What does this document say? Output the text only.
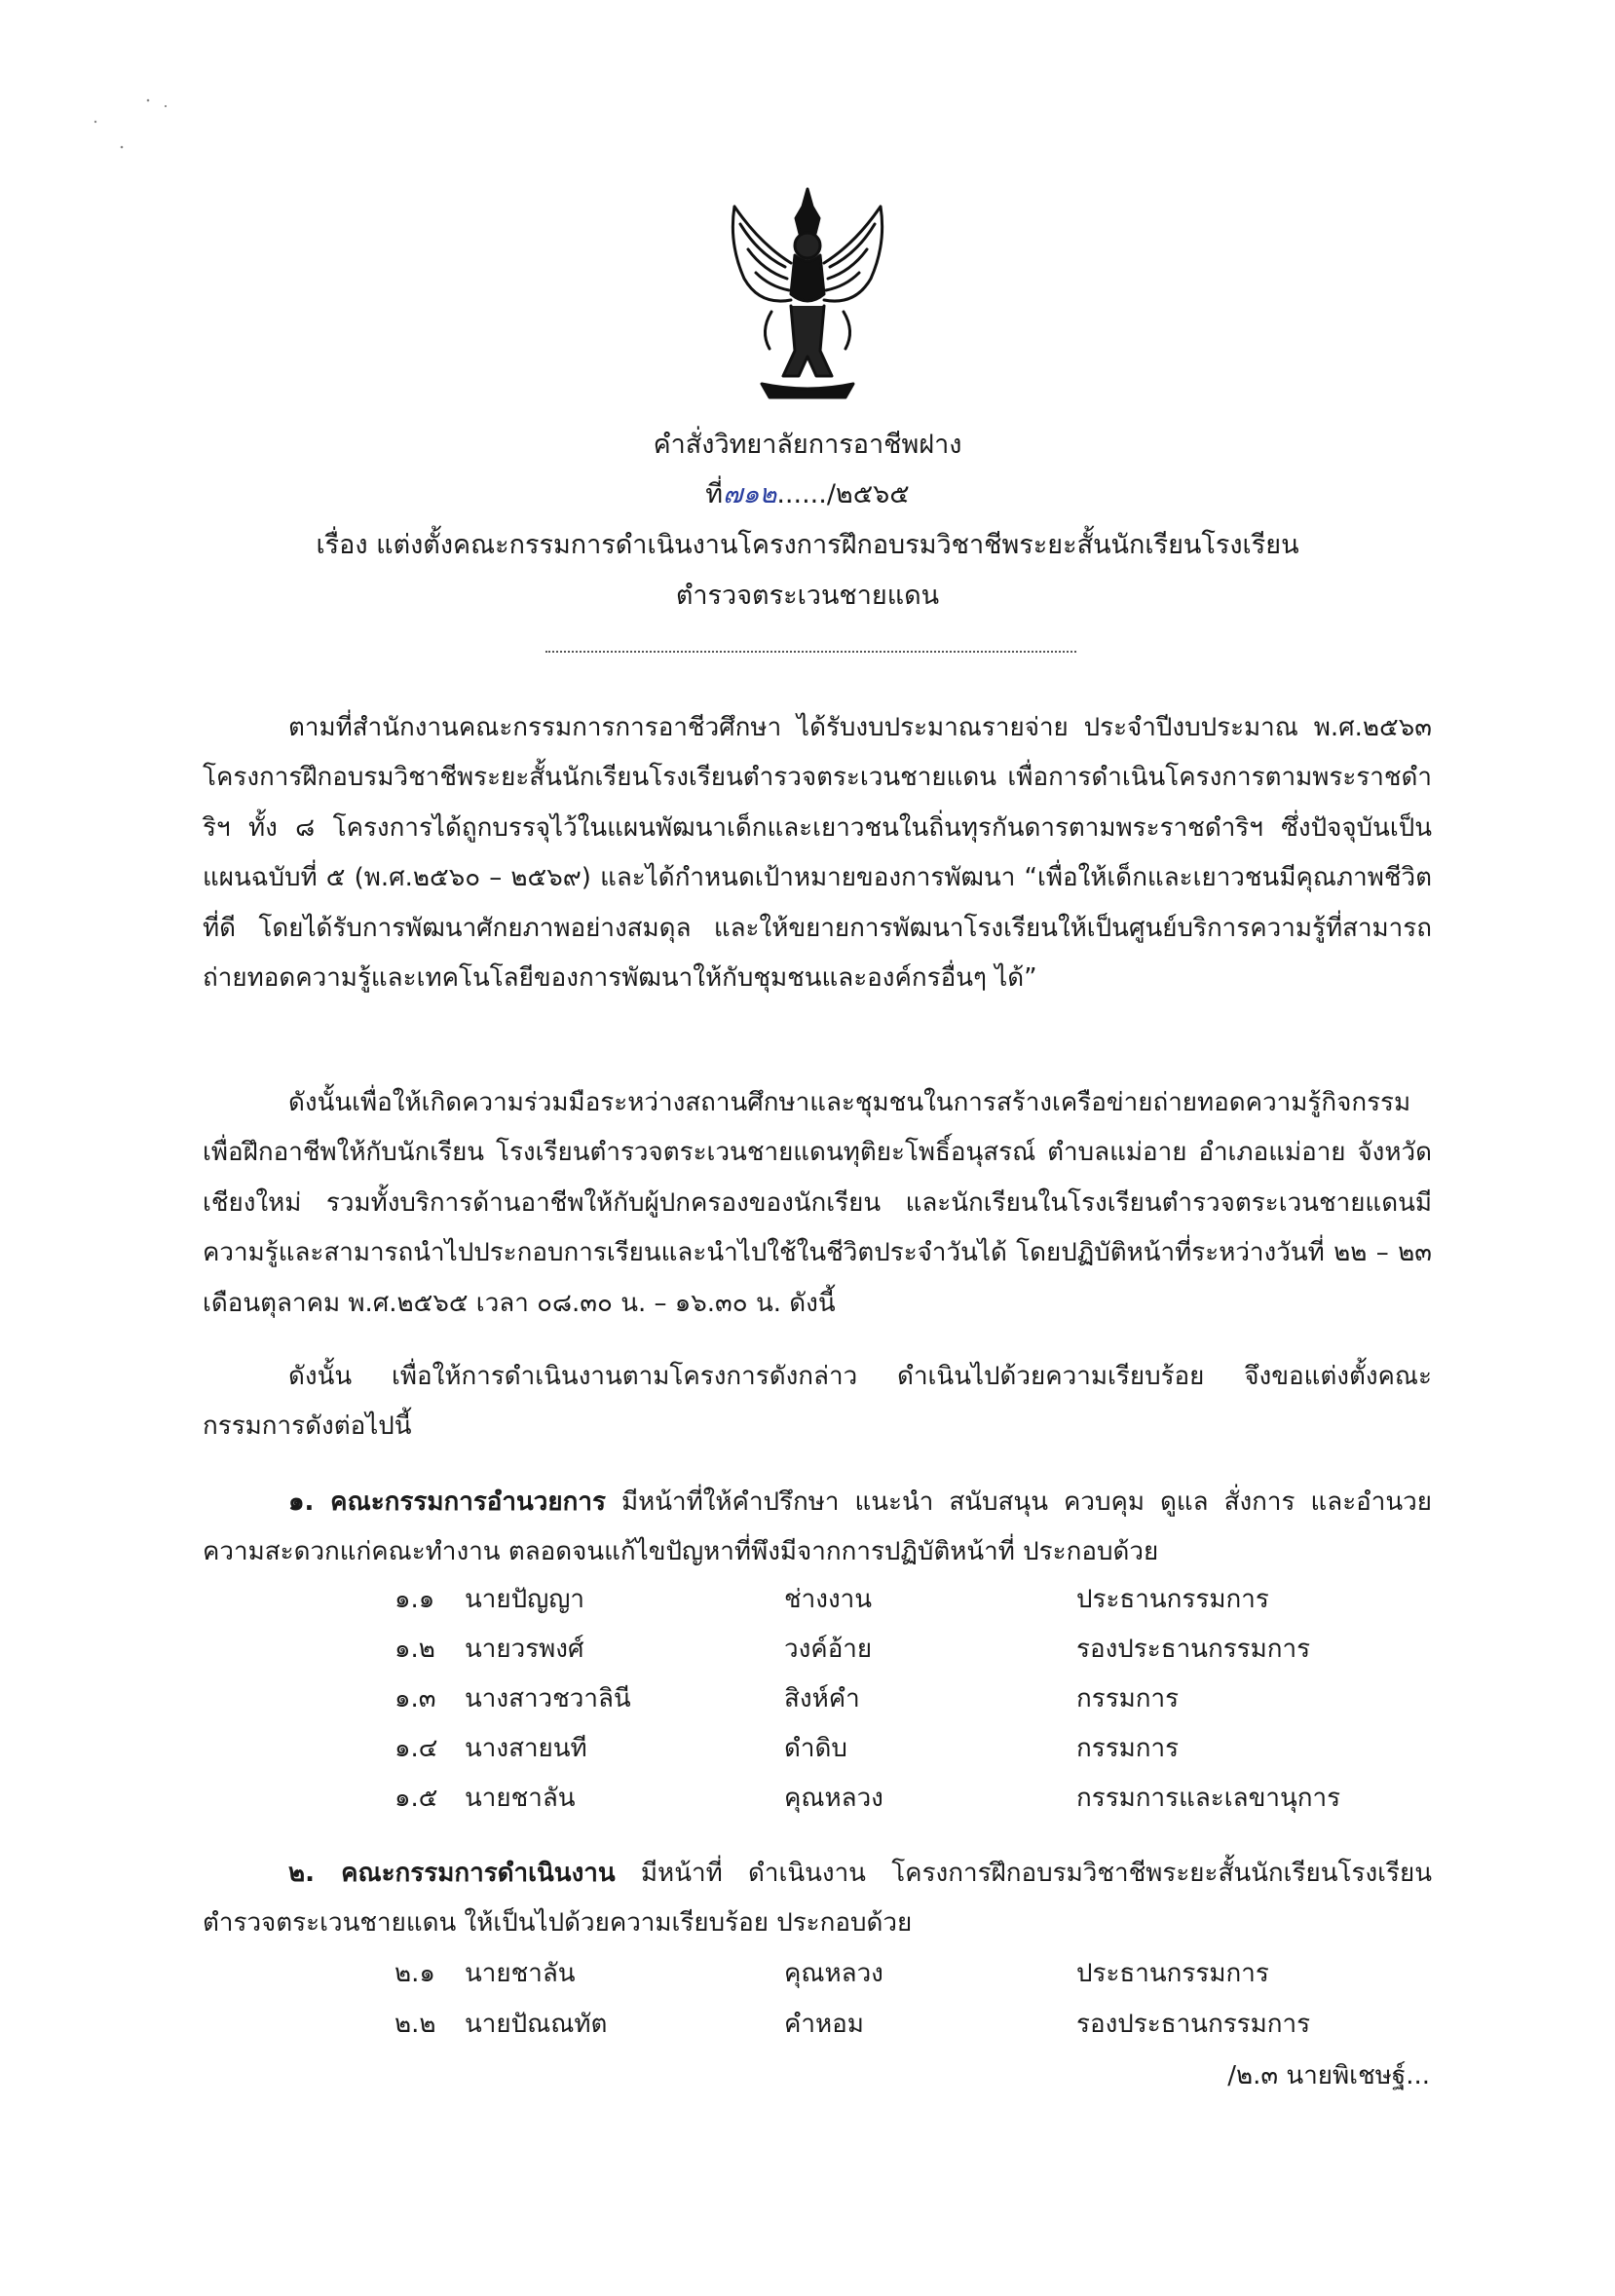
คำสั่งวิทยาลัยการอาชีพฝาง
ที่๗๑๒....../๒๕๖๕
เรื่อง แต่งตั้งคณะกรรมการดำเนินงานโครงการฝึกอบรมวิชาชีพระยะสั้นนักเรียนโรงเรียน
ตำรวจตระเวนชายแดน
ตามที่สำนักงานคณะกรรมการการอาชีวศึกษา ได้รับงบประมาณรายจ่าย ประจำปีงบประมาณ พ.ศ.๒๕๖๓ โครงการฝึกอบรมวิชาชีพระยะสั้นนักเรียนโรงเรียนตำรวจตระเวนชายแดน เพื่อการดำเนินโครงการตามพระราชดำริฯ ทั้ง ๘ โครงการได้ถูกบรรจุไว้ในแผนพัฒนาเด็กและเยาวชนในถิ่นทุรกันดารตามพระราชดำริฯ ซึ่งปัจจุบันเป็นแผนฉบับที่ ๕ (พ.ศ.๒๕๖๐ – ๒๕๖๙) และได้กำหนดเป้าหมายของการพัฒนา “เพื่อให้เด็กและเยาวชนมีคุณภาพชีวิตที่ดี โดยได้รับการพัฒนาศักยภาพอย่างสมดุล และให้ขยายการพัฒนาโรงเรียนให้เป็นศูนย์บริการความรู้ที่สามารถถ่ายทอดความรู้และเทคโนโลยีของการพัฒนาให้กับชุมชนและองค์กรอื่นๆ ได้”
ดังนั้นเพื่อให้เกิดความร่วมมือระหว่างสถานศึกษาและชุมชนในการสร้างเครือข่ายถ่ายทอดความรู้กิจกรรมเพื่อฝึกอาชีพให้กับนักเรียน โรงเรียนตำรวจตระเวนชายแดนทุติยะโพธิ์อนุสรณ์ ตำบลแม่อาย อำเภอแม่อาย จังหวัดเชียงใหม่ รวมทั้งบริการด้านอาชีพให้กับผู้ปกครองของนักเรียน และนักเรียนในโรงเรียนตำรวจตระเวนชายแดนมีความรู้และสามารถนำไปประกอบการเรียนและนำไปใช้ในชีวิตประจำวันได้ โดยปฏิบัติหน้าที่ระหว่างวันที่ ๒๒ – ๒๓ เดือนตุลาคม พ.ศ.๒๕๖๕ เวลา ๐๘.๓๐ น. – ๑๖.๓๐ น. ดังนี้
ดังนั้น เพื่อให้การดำเนินงานตามโครงการดังกล่าว ดำเนินไปด้วยความเรียบร้อย จึงขอแต่งตั้งคณะกรรมการดังต่อไปนี้
๑. คณะกรรมการอำนวยการ มีหน้าที่ให้คำปรึกษา แนะนำ สนับสนุน ควบคุม ดูแล สั่งการ และอำนวยความสะดวกแก่คณะทำงาน ตลอดจนแก้ไขปัญหาที่พึงมีจากการปฏิบัติหน้าที่ ประกอบด้วย
๑.๑ นายปัญญา	ช่างงาน	ประธานกรรมการ
๑.๒ นายวรพงศ์	วงค์อ้าย	รองประธานกรรมการ
๑.๓ นางสาวชวาลินี	สิงห์คำ	กรรมการ
๑.๔ นางสายนที	ดำดิบ	กรรมการ
๑.๕ นายชาลัน	คุณหลวง	กรรมการและเลขานุการ
๒. คณะกรรมการดำเนินงาน มีหน้าที่ ดำเนินงาน โครงการฝึกอบรมวิชาชีพระยะสั้นนักเรียนโรงเรียนตำรวจตระเวนชายแดน ให้เป็นไปด้วยความเรียบร้อย ประกอบด้วย
๒.๑ นายชาลัน	คุณหลวง	ประธานกรรมการ
๒.๒ นายปัณณทัต	คำหอม	รองประธานกรรมการ
/๒.๓ นายพิเชษฐ์...
